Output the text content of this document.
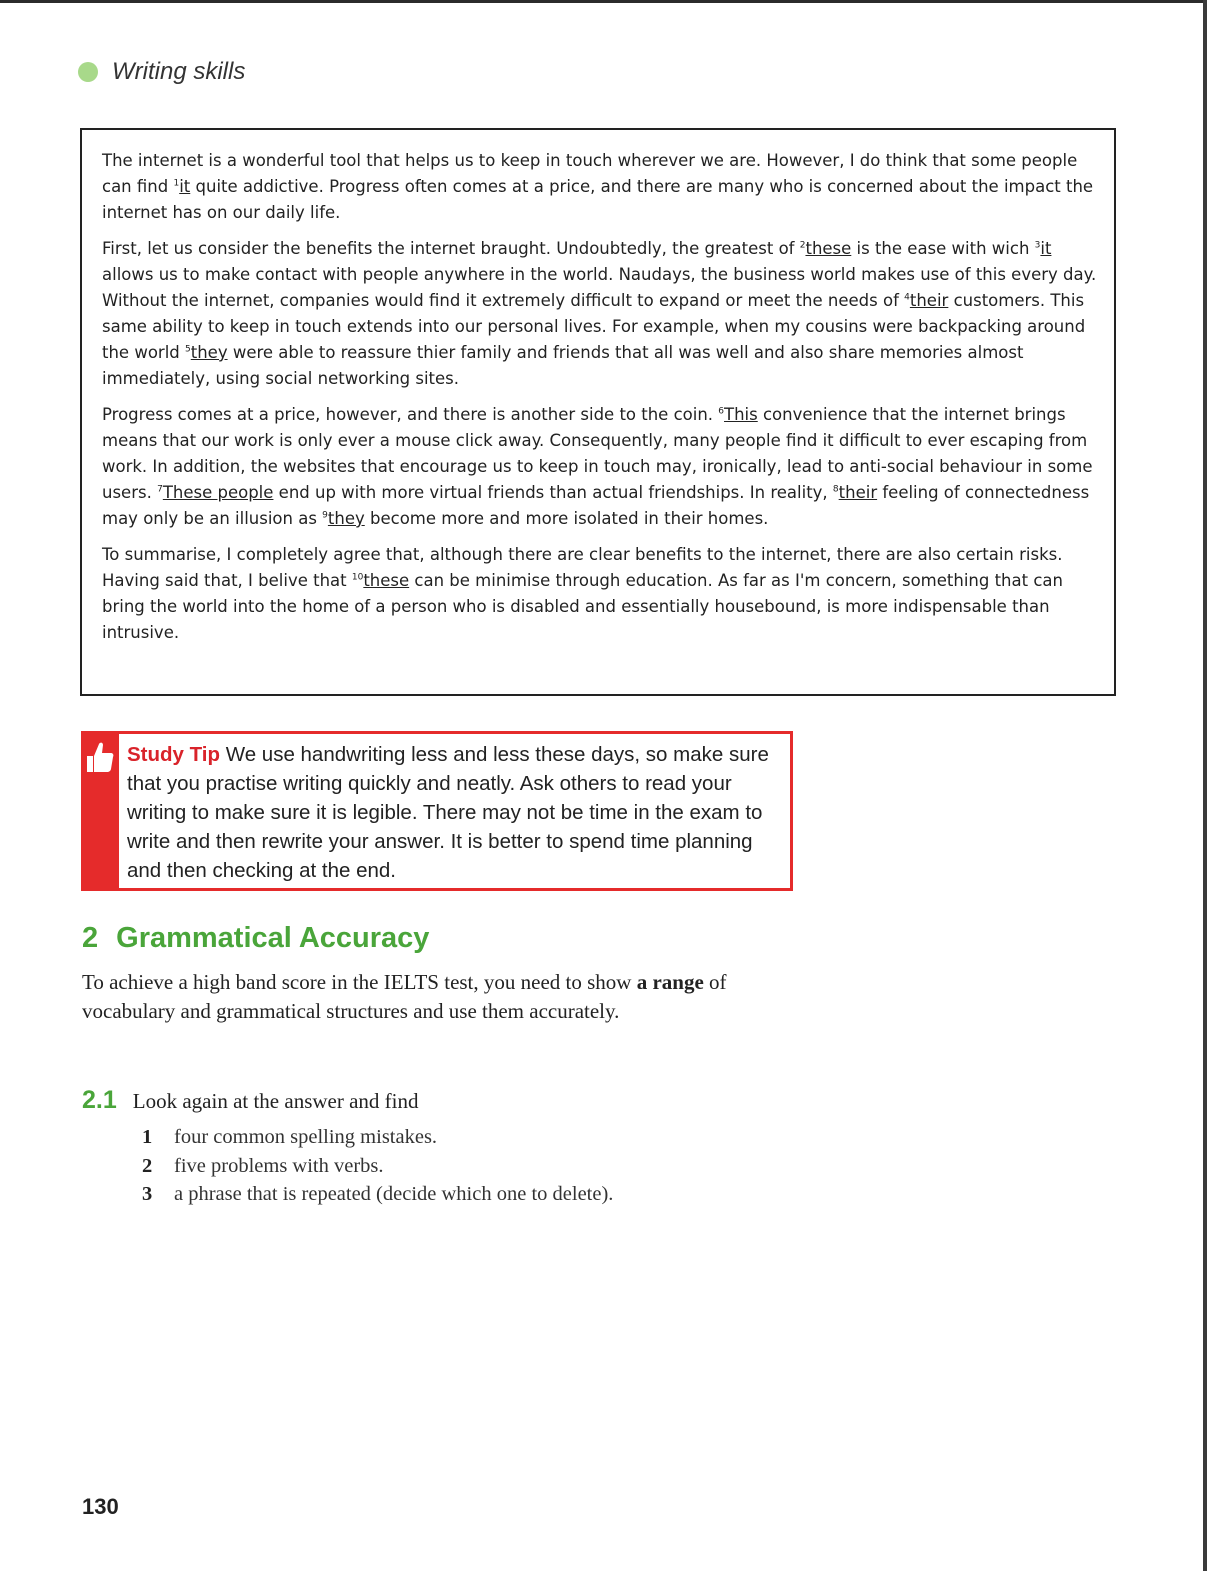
Writing skills

The internet is a wonderful tool that helps us to keep in touch wherever we are. However, I do think that some people can find $^1$it quite addictive. Progress often comes at a price, and there are many who is concerned about the impact the internet has on our daily life.

First, let us consider the benefits the internet braught. Undoubtedly, the greatest of $^2$these is the ease with wich $^3$it allows us to make contact with people anywhere in the world. Naudays, the business world makes use of this every day. Without the internet, companies would find it extremely difficult to expand or meet the needs of $^4$their customers. This same ability to keep in touch extends into our personal lives. For example, when my cousins were backpacking around the world $^5$they were able to reassure thier family and friends that all was well and also share memories almost immediately, using social networking sites.

Progress comes at a price, however, and there is another side to the coin. $^6$This convenience that the internet brings means that our work is only ever a mouse click away. Consequently, many people find it difficult to ever escaping from work. In addition, the websites that encourage us to keep in touch may, ironically, lead to anti-social behaviour in some users. $^7$These people end up with more virtual friends than actual friendships. In reality, $^8$their feeling of connectedness may only be an illusion as $^9$they become more and more isolated in their homes.

To summarise, I completely agree that, although there are clear benefits to the internet, there are also certain risks. Having said that, I belive that $^{10}$these can be minimise through education. As far as I'm concern, something that can bring the world into the home of a person who is disabled and essentially housebound, is more indispensable than intrusive.

Study Tip We use handwriting less and less these days, so make sure that you practise writing quickly and neatly. Ask others to read your writing to make sure it is legible. There may not be time in the exam to write and then rewrite your answer. It is better to spend time planning and then checking at the end.
2 Grammatical Accuracy
To achieve a high band score in the IELTS test, you need to show a range of vocabulary and grammatical structures and use them accurately.
2.1 Look again at the answer and find
1	four common spelling mistakes.
2	five problems with verbs.
3	a phrase that is repeated (decide which one to delete).
130
